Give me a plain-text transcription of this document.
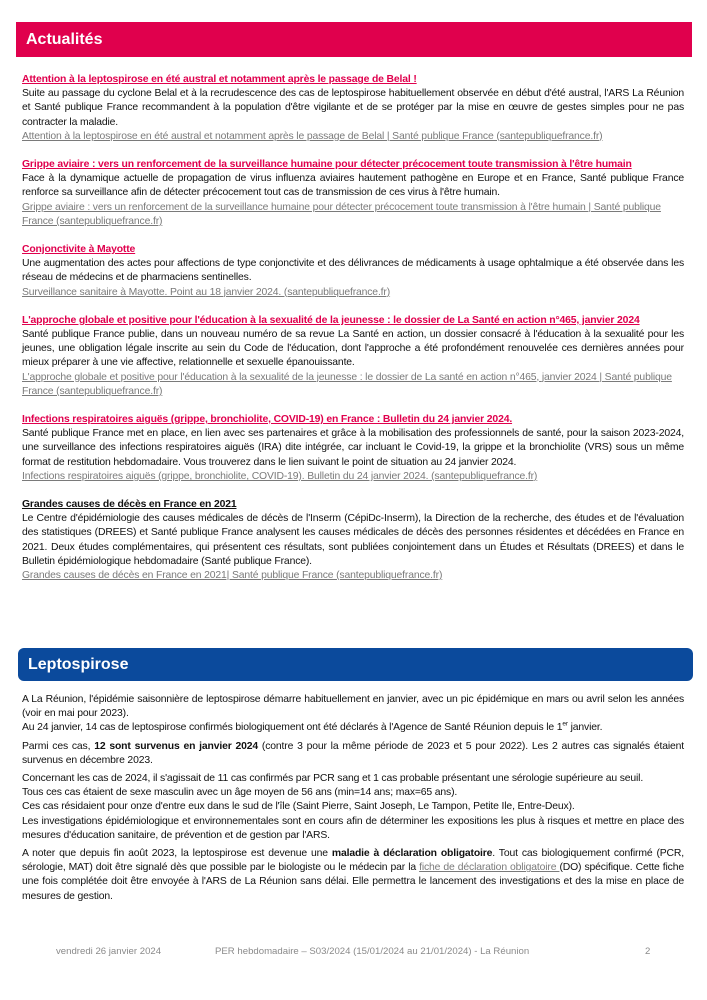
Actualités
Attention à la leptospirose en été austral et notamment après le passage de Belal !
Suite au passage du cyclone Belal et à la recrudescence des cas de leptospirose habituellement observée en début d'été austral, l'ARS La Réunion et Santé publique France recommandent à la population d'être vigilante et de se protéger par la mise en œuvre de gestes simples pour ne pas contracter la maladie.
Attention à la leptospirose en été austral et notamment après le passage de Belal | Santé publique France (santepubliquefrance.fr)
Grippe aviaire : vers un renforcement de la surveillance humaine pour détecter précocement toute transmission à l'être humain
Face à la dynamique actuelle de propagation de virus influenza aviaires hautement pathogène en Europe et en France, Santé publique France renforce sa surveillance afin de détecter précocement tout cas de transmission de ces virus à l'être humain.
Grippe aviaire : vers un renforcement de la surveillance humaine pour détecter précocement toute transmission à l'être humain | Santé publique France (santepubliquefrance.fr)
Conjonctivite à Mayotte
Une augmentation des actes pour affections de type conjonctivite et des délivrances de médicaments à usage ophtalmique a été observée dans les réseau de médecins et de pharmaciens sentinelles.
Surveillance sanitaire à Mayotte. Point au 18 janvier 2024. (santepubliquefrance.fr)
L'approche globale et positive pour l'éducation à la sexualité de la jeunesse : le dossier de La Santé en action n°465, janvier 2024
Santé publique France publie, dans un nouveau numéro de sa revue La Santé en action, un dossier consacré à l'éducation à la sexualité pour les jeunes, une obligation légale inscrite au sein du Code de l'éducation, dont l'approche a été profondément renouvelée ces dernières années pour mieux préparer à une vie affective, relationnelle et sexuelle épanouissante.
L'approche globale et positive pour l'éducation à la sexualité de la jeunesse : le dossier de La santé en action n°465, janvier 2024 | Santé publique France (santepubliquefrance.fr)
Infections respiratoires aiguës (grippe, bronchiolite, COVID-19) en France : Bulletin du 24 janvier 2024.
Santé publique France met en place, en lien avec ses partenaires et grâce à la mobilisation des professionnels de santé, pour la saison 2023-2024, une surveillance des infections respiratoires aiguës (IRA) dite intégrée, car incluant le Covid-19, la grippe et la bronchiolite (VRS) sous un même format de restitution hebdomadaire. Vous trouverez dans le lien suivant le point de situation au 24 janvier 2024.
Infections respiratoires aiguës (grippe, bronchiolite, COVID-19). Bulletin du 24 janvier 2024. (santepubliquefrance.fr)
Grandes causes de décès en France en 2021
Le Centre d'épidémiologie des causes médicales de décès de l'Inserm (CépiDc-Inserm), la Direction de la recherche, des études et de l'évaluation des statistiques (DREES) et Santé publique France analysent les causes médicales de décès des personnes résidentes et décédées en France en 2021. Deux études complémentaires, qui présentent ces résultats, sont publiées conjointement dans un Études et Résultats (DREES) et dans le Bulletin épidémiologique hebdomadaire (Santé publique France).
Grandes causes de décès en France en 2021| Santé publique France (santepubliquefrance.fr)
Leptospirose

A La Réunion, l'épidémie saisonnière de leptospirose démarre habituellement en janvier, avec un pic épidémique en mars ou avril selon les années (voir en mai pour 2023).

Au 24 janvier, 14 cas de leptospirose confirmés biologiquement ont été déclarés à l'Agence de Santé Réunion depuis le 1er janvier.

Parmi ces cas, 12 sont survenus en janvier 2024 (contre 3 pour la même période de 2023 et 5 pour 2022). Les 2 autres cas signalés étaient survenus en décembre 2023.

Concernant les cas de 2024, il s'agissait de 11 cas confirmés par PCR sang et 1 cas probable présentant une sérologie supérieure au seuil.

Tous ces cas étaient de sexe masculin avec un âge moyen de 56 ans (min=14 ans; max=65 ans).

Ces cas résidaient pour onze d'entre eux dans le sud de l'île (Saint Pierre, Saint Joseph, Le Tampon, Petite Ile, Entre-Deux).

Les investigations épidémiologique et environnementales sont en cours afin de déterminer les expositions les plus à risques et mettre en place des mesures d'éducation sanitaire, de prévention et de gestion par l'ARS.

A noter que depuis fin août 2023, la leptospirose est devenue une maladie à déclaration obligatoire. Tout cas biologiquement confirmé (PCR, sérologie, MAT) doit être signalé dès que possible par le biologiste ou le médecin par la fiche de déclaration obligatoire (DO) spécifique. Cette fiche une fois complétée doit être envoyée à l'ARS de La Réunion sans délai. Elle permettra le lancement des investigations et des la mise en place de mesures de gestion.

vendredi 26 janvier 2024	PER hebdomadaire – S03/2024 (15/01/2024 au 21/01/2024) - La Réunion	2
